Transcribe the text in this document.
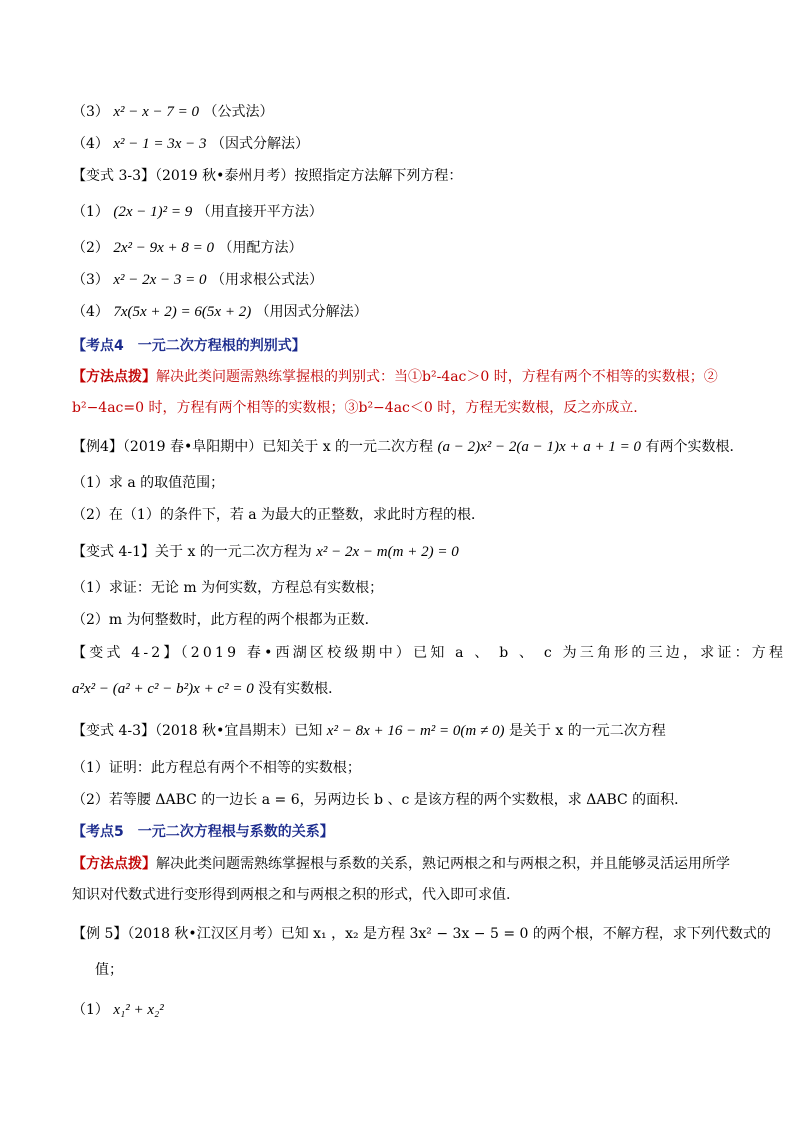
（3） x² − x − 7 = 0 （公式法）
（4） x² − 1 = 3x − 3 （因式分解法）
【变式 3-3】（2019 秋•泰州月考）按照指定方法解下列方程：
（1） (2x − 1)² = 9 （用直接开平方法）
（2） 2x² − 9x + 8 = 0 （用配方法）
（3） x² − 2x − 3 = 0 （用求根公式法）
（4） 7x(5x + 2) = 6(5x + 2) （用因式分解法）
【考点4　一元二次方程根的判别式】
【方法点拨】解决此类问题需熟练掌握根的判别式：当①b²-4ac＞0 时，方程有两个不相等的实数根；②
b²−4ac=0 时，方程有两个相等的实数根；③b²−4ac＜0 时，方程无实数根，反之亦成立.
【例4】（2019 春•阜阳期中）已知关于 x 的一元二次方程 (a − 2)x² − 2(a − 1)x + a + 1 = 0 有两个实数根．
（1）求 a 的取值范围；
（2）在（1）的条件下，若 a 为最大的正整数，求此时方程的根．
【变式 4-1】关于 x 的一元二次方程为 x² − 2x − m(m + 2) = 0
（1）求证：无论 m 为何实数，方程总有实数根；
（2）m 为何整数时，此方程的两个根都为正数．
【变式 4-2】（2019 春•西湖区校级期中）已知 a 、 b 、 c 为三角形的三边，求证：方程
a²x² − (a² + c² − b²)x + c² = 0 没有实数根．
【变式 4-3】（2018 秋•宜昌期末）已知 x² − 8x + 16 − m² = 0(m ≠ 0) 是关于 x 的一元二次方程
（1）证明：此方程总有两个不相等的实数根；
（2）若等腰 ΔABC 的一边长 a = 6，另两边长 b 、c 是该方程的两个实数根，求 ΔABC 的面积．
【考点5　一元二次方程根与系数的关系】
【方法点拨】解决此类问题需熟练掌握根与系数的关系，熟记两根之和与两根之积，并且能够灵活运用所学
知识对代数式进行变形得到两根之和与两根之积的形式，代入即可求值.
【例 5】（2018 秋•江汉区月考）已知 x₁ ，x₂ 是方程 3x² − 3x − 5 = 0 的两个根，不解方程，求下列代数式的
值；
（1） x₁² + x₂²
